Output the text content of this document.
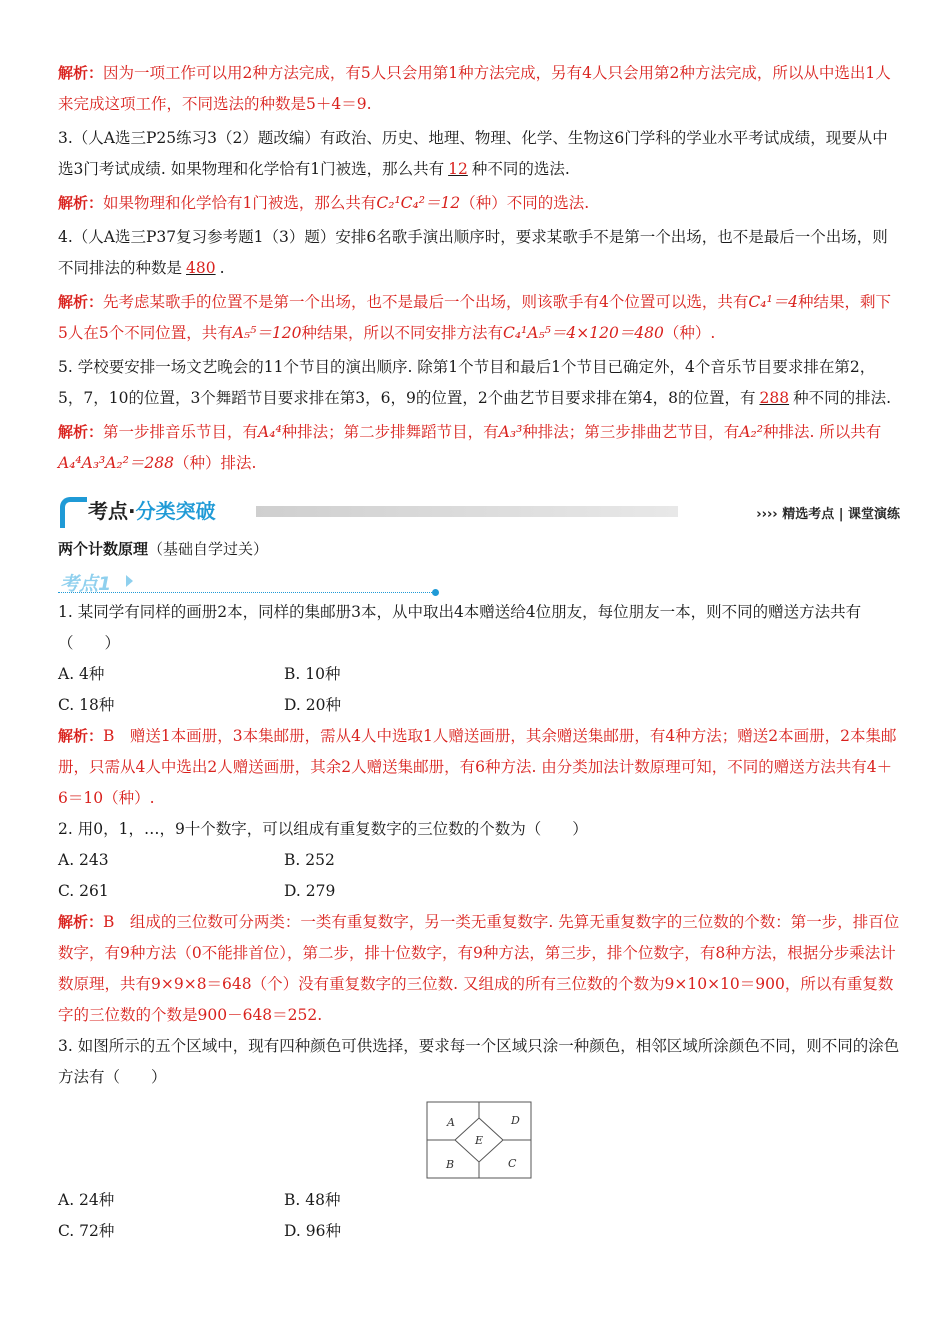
解析：因为一项工作可以用2种方法完成，有5人只会用第1种方法完成，另有4人只会用第2种方法完成，所以从中选出1人来完成这项工作，不同选法的种数是5＋4＝9.

3.（人A选三P25练习3（2）题改编）有政治、历史、地理、物理、化学、生物这6门学科的学业水平考试成绩，现要从中选3门考试成绩. 如果物理和化学恰有1门被选，那么共有 12 种不同的选法.

解析：如果物理和化学恰有1门被选，那么共有C₂¹C₄²＝12（种）不同的选法.

4.（人A选三P37复习参考题1（3）题）安排6名歌手演出顺序时，要求某歌手不是第一个出场，也不是最后一个出场，则不同排法的种数是 480 .

解析：先考虑某歌手的位置不是第一个出场，也不是最后一个出场，则该歌手有4个位置可以选，共有C₄¹＝4种结果，剩下5人在5个不同位置，共有A₅⁵＝120种结果，所以不同安排方法有C₄¹A₅⁵＝4×120＝480（种）.

5. 学校要安排一场文艺晚会的11个节目的演出顺序. 除第1个节目和最后1个节目已确定外，4个音乐节目要求排在第2，5，7，10的位置，3个舞蹈节目要求排在第3，6，9的位置，2个曲艺节目要求排在第4，8的位置，有 288 种不同的排法.

解析：第一步排音乐节目，有A₄⁴种排法；第二步排舞蹈节目，有A₃³种排法；第三步排曲艺节目，有A₂²种排法. 所以共有A₄⁴A₃³A₂²＝288（种）排法.

考点·分类突破	›››› 精选考点 | 课堂演练
两个计数原理（基础自学过关）
考点1

1. 某同学有同样的画册2本，同样的集邮册3本，从中取出4本赠送给4位朋友，每位朋友一本，则不同的赠送方法共有（　　）

A. 4种	B. 10种
C. 18种	D. 20种

解析：B　赠送1本画册，3本集邮册，需从4人中选取1人赠送画册，其余赠送集邮册，有4种方法；赠送2本画册，2本集邮册，只需从4人中选出2人赠送画册，其余2人赠送集邮册，有6种方法. 由分类加法计数原理可知，不同的赠送方法共有4＋6＝10（种）.

2. 用0，1，…，9十个数字，可以组成有重复数字的三位数的个数为（　　）

A. 243	B. 252
C. 261	D. 279

解析：B　组成的三位数可分两类：一类有重复数字，另一类无重复数字. 先算无重复数字的三位数的个数：第一步，排百位数字，有9种方法（0不能排首位），第二步，排十位数字，有9种方法，第三步，排个位数字，有8种方法，根据分步乘法计数原理，共有9×9×8＝648（个）没有重复数字的三位数. 又组成的所有三位数的个数为9×10×10＝900，所以有重复数字的三位数的个数是900－648＝252.

3. 如图所示的五个区域中，现有四种颜色可供选择，要求每一个区域只涂一种颜色，相邻区域所涂颜色不同，则不同的涂色方法有（　　）

A	D
E
B	C
A. 24种	B. 48种
C. 72种	D. 96种
